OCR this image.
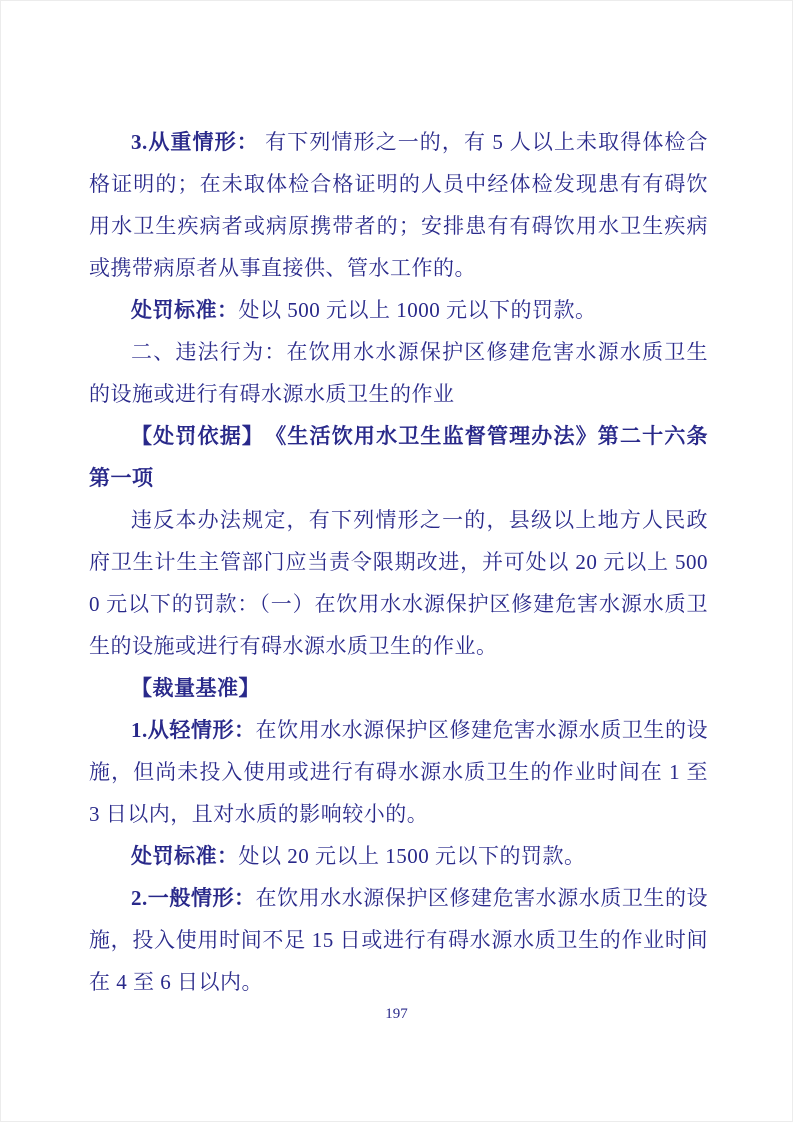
3.从重情形： 有下列情形之一的，有 5 人以上未取得体检合格证明的；在未取体检合格证明的人员中经体检发现患有有碍饮用水卫生疾病者或病原携带者的；安排患有有碍饮用水卫生疾病或携带病原者从事直接供、管水工作的。

处罚标准：处以 500 元以上 1000 元以下的罚款。

二、违法行为：在饮用水水源保护区修建危害水源水质卫生的设施或进行有碍水源水质卫生的作业

【处罚依据】　《生活饮用水卫生监督管理办法》第二十六条第一项

违反本办法规定，有下列情形之一的，县级以上地方人民政府卫生计生主管部门应当责令限期改进，并可处以 20 元以上 5000 元以下的罚款：（一）在饮用水水源保护区修建危害水源水质卫生的设施或进行有碍水源水质卫生的作业。

【裁量基准】

1.从轻情形：在饮用水水源保护区修建危害水源水质卫生的设施，但尚未投入使用或进行有碍水源水质卫生的作业时间在 1 至 3 日以内，且对水质的影响较小的。

处罚标准：处以 20 元以上 1500 元以下的罚款。

2.一般情形：在饮用水水源保护区修建危害水源水质卫生的设施，投入使用时间不足 15 日或进行有碍水源水质卫生的作业时间在 4 至 6 日以内。

197
